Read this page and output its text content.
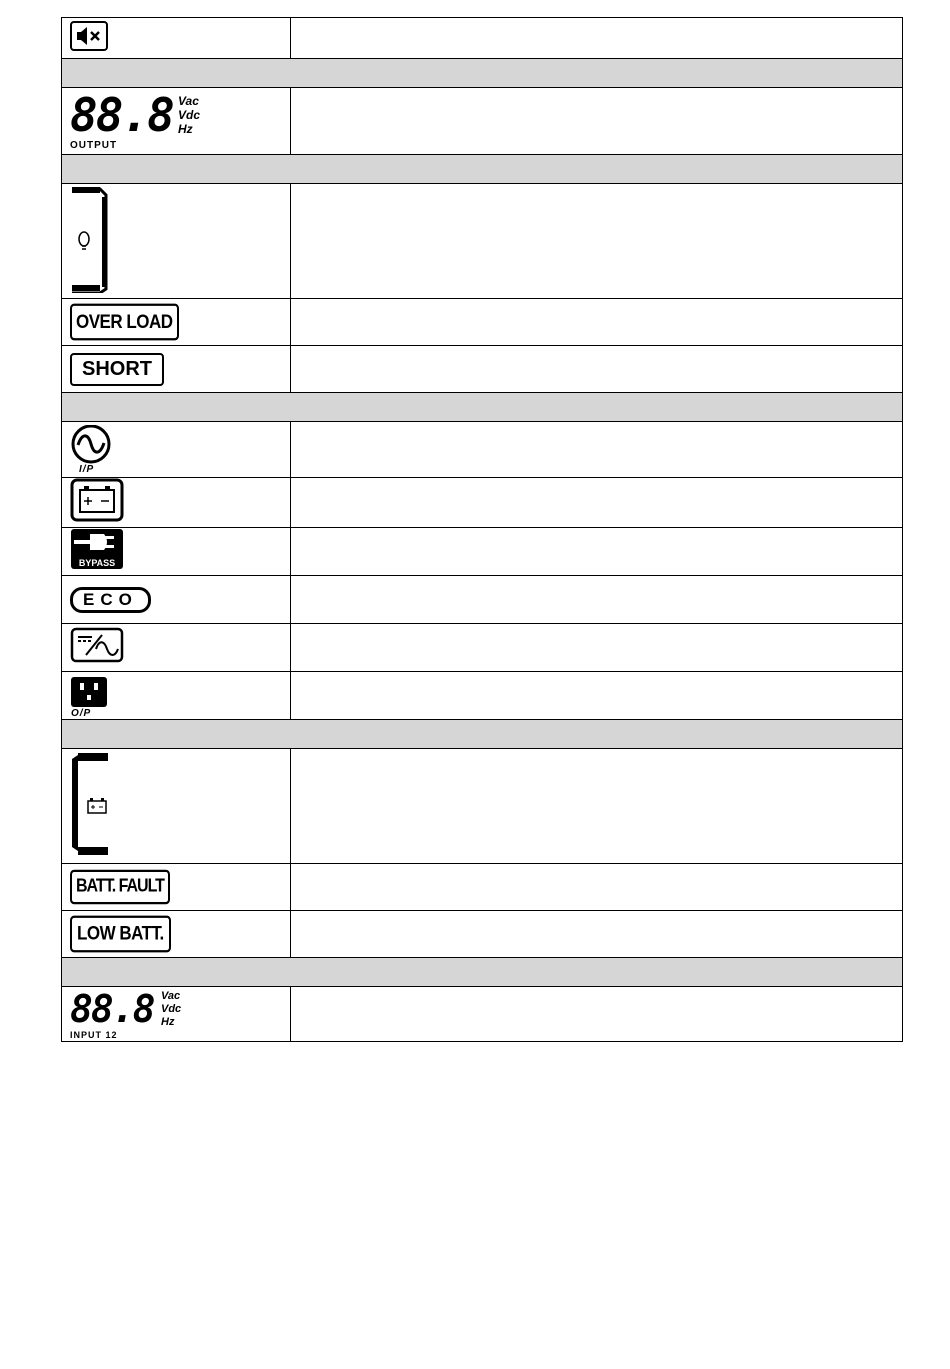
88.8 Vac
Vdc
Hz
OUTPUT	

OVER LOAD	

SHORT	

I/P	

BYPASS	

ECO	

O/P	

BATT. FAULT	

LOW BATT.	

88.8 Vac
Vdc
Hz
INPUT 12	
